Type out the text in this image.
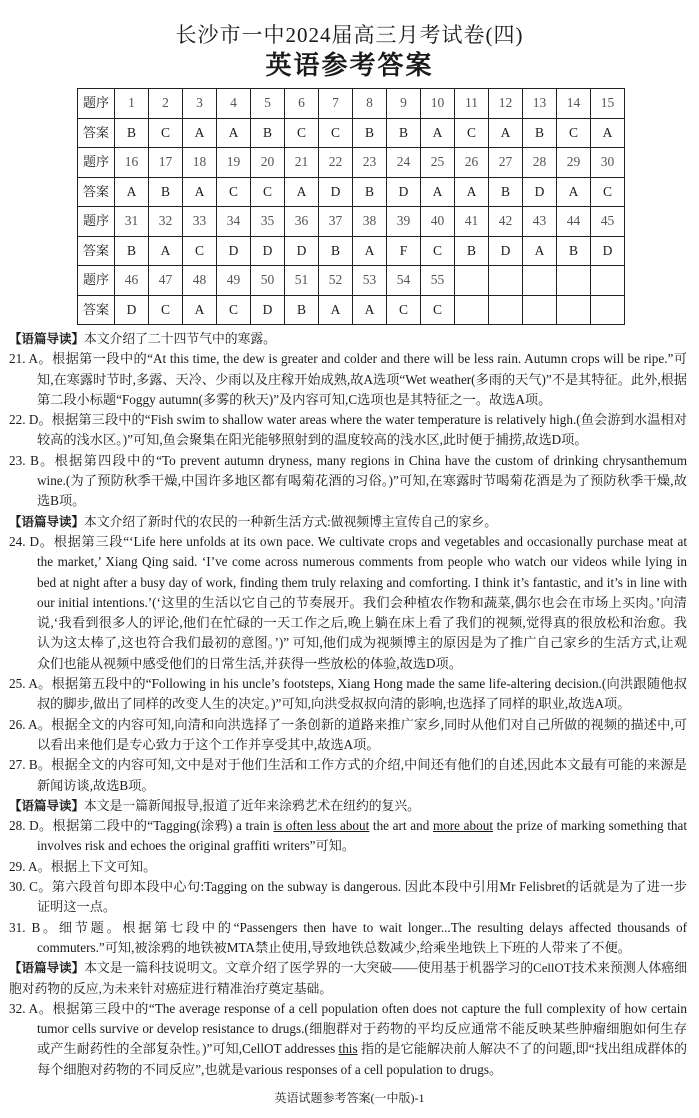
长沙市一中2024届高三月考试卷(四)
英语参考答案
题序	1	2	3	4	5	6	7	8	9	10	11	12	13	14	15
答案	B	C	A	A	B	C	C	B	B	A	C	A	B	C	A
题序	16	17	18	19	20	21	22	23	24	25	26	27	28	29	30
答案	A	B	A	C	C	A	D	B	D	A	A	B	D	A	C
题序	31	32	33	34	35	36	37	38	39	40	41	42	43	44	45
答案	B	A	C	D	D	D	B	A	F	C	B	D	A	B	D
题序	46	47	48	49	50	51	52	53	54	55					
答案	D	C	A	C	D	B	A	A	C	C					
【语篇导读】本文介绍了二十四节气中的寒露。
21. A。根据第一段中的“At this time, the dew is greater and colder and there will be less rain. Autumn crops will be ripe.”可知,在寒露时节时,多露、天冷、少雨以及庄稼开始成熟,故A选项“Wet weather(多雨的天气)”不是其特征。此外,根据第二段小标题“Foggy autumn(多雾的秋天)”及内容可知,C选项也是其特征之一。故选A项。
22. D。根据第三段中的“Fish swim to shallow water areas where the water temperature is relatively high.(鱼会游到水温相对较高的浅水区。)”可知,鱼会聚集在阳光能够照射到的温度较高的浅水区,此时便于捕捞,故选D项。
23. B。根据第四段中的“To prevent autumn dryness, many regions in China have the custom of drinking chrysanthemum wine.(为了预防秋季干燥,中国许多地区都有喝菊花酒的习俗。)”可知,在寒露时节喝菊花酒是为了预防秋季干燥,故选B项。
【语篇导读】本文介绍了新时代的农民的一种新生活方式:做视频博主宣传自己的家乡。
24. D。根据第三段“‘Life here unfolds at its own pace. We cultivate crops and vegetables and occasionally purchase meat at the market,’ Xiang Qing said. ‘I’ve come across numerous comments from people who watch our videos while lying in bed at night after a busy day of work, finding them truly relaxing and comforting. I think it’s fantastic, and it’s in line with our initial intentions.’(‘这里的生活以它自己的节奏展开。我们会种植农作物和蔬菜,偶尔也会在市场上买肉。’向清说,‘我看到很多人的评论,他们在忙碌的一天工作之后,晚上躺在床上看了我们的视频,觉得真的很放松和治愈。我认为这太棒了,这也符合我们最初的意图。’)” 可知,他们成为视频博主的原因是为了推广自己家乡的生活方式,让观众们也能从视频中感受他们的日常生活,并获得一些放松的体验,故选D项。
25. A。根据第五段中的“Following in his uncle’s footsteps, Xiang Hong made the same life-altering decision.(向洪跟随他叔叔的脚步,做出了同样的改变人生的决定。)”可知,向洪受叔叔向清的影响,也选择了同样的职业,故选A项。
26. A。根据全文的内容可知,向清和向洪选择了一条创新的道路来推广家乡,同时从他们对自己所做的视频的描述中,可以看出来他们是专心致力于这个工作并享受其中,故选A项。
27. B。根据全文的内容可知,文中是对于他们生活和工作方式的介绍,中间还有他们的自述,因此本文最有可能的来源是新闻访谈,故选B项。
【语篇导读】本文是一篇新闻报导,报道了近年来涂鸦艺术在纽约的复兴。
28. D。根据第二段中的“Tagging(涂鸦) a train is often less about the art and more about the prize of marking something that involves risk and echoes the original graffiti writers”可知。
29. A。根据上下文可知。
30. C。第六段首句即本段中心句:Tagging on the subway is dangerous. 因此本段中引用Mr Felisbret的话就是为了进一步证明这一点。
31. B。细节题。根据第七段中的“Passengers then have to wait longer...The resulting delays affected thousands of commuters.”可知,被涂鸦的地铁被MTA禁止使用,导致地铁总数减少,给乘坐地铁上下班的人带来了不便。
【语篇导读】本文是一篇科技说明文。文章介绍了医学界的一大突破——使用基于机器学习的CellOT技术来预测人体癌细胞对药物的反应,为未来针对癌症进行精准治疗奠定基础。
32. A。根据第三段中的“The average response of a cell population often does not capture the full complexity of how certain tumor cells survive or develop resistance to drugs.(细胞群对于药物的平均反应通常不能反映某些肿瘤细胞如何生存或产生耐药性的全部复杂性。)”可知,CellOT addresses this 指的是它能解决前人解决不了的问题,即“找出组成群体的每个细胞对药物的不同反应”,也就是various responses of a cell population to drugs。
英语试题参考答案(一中版)-1
